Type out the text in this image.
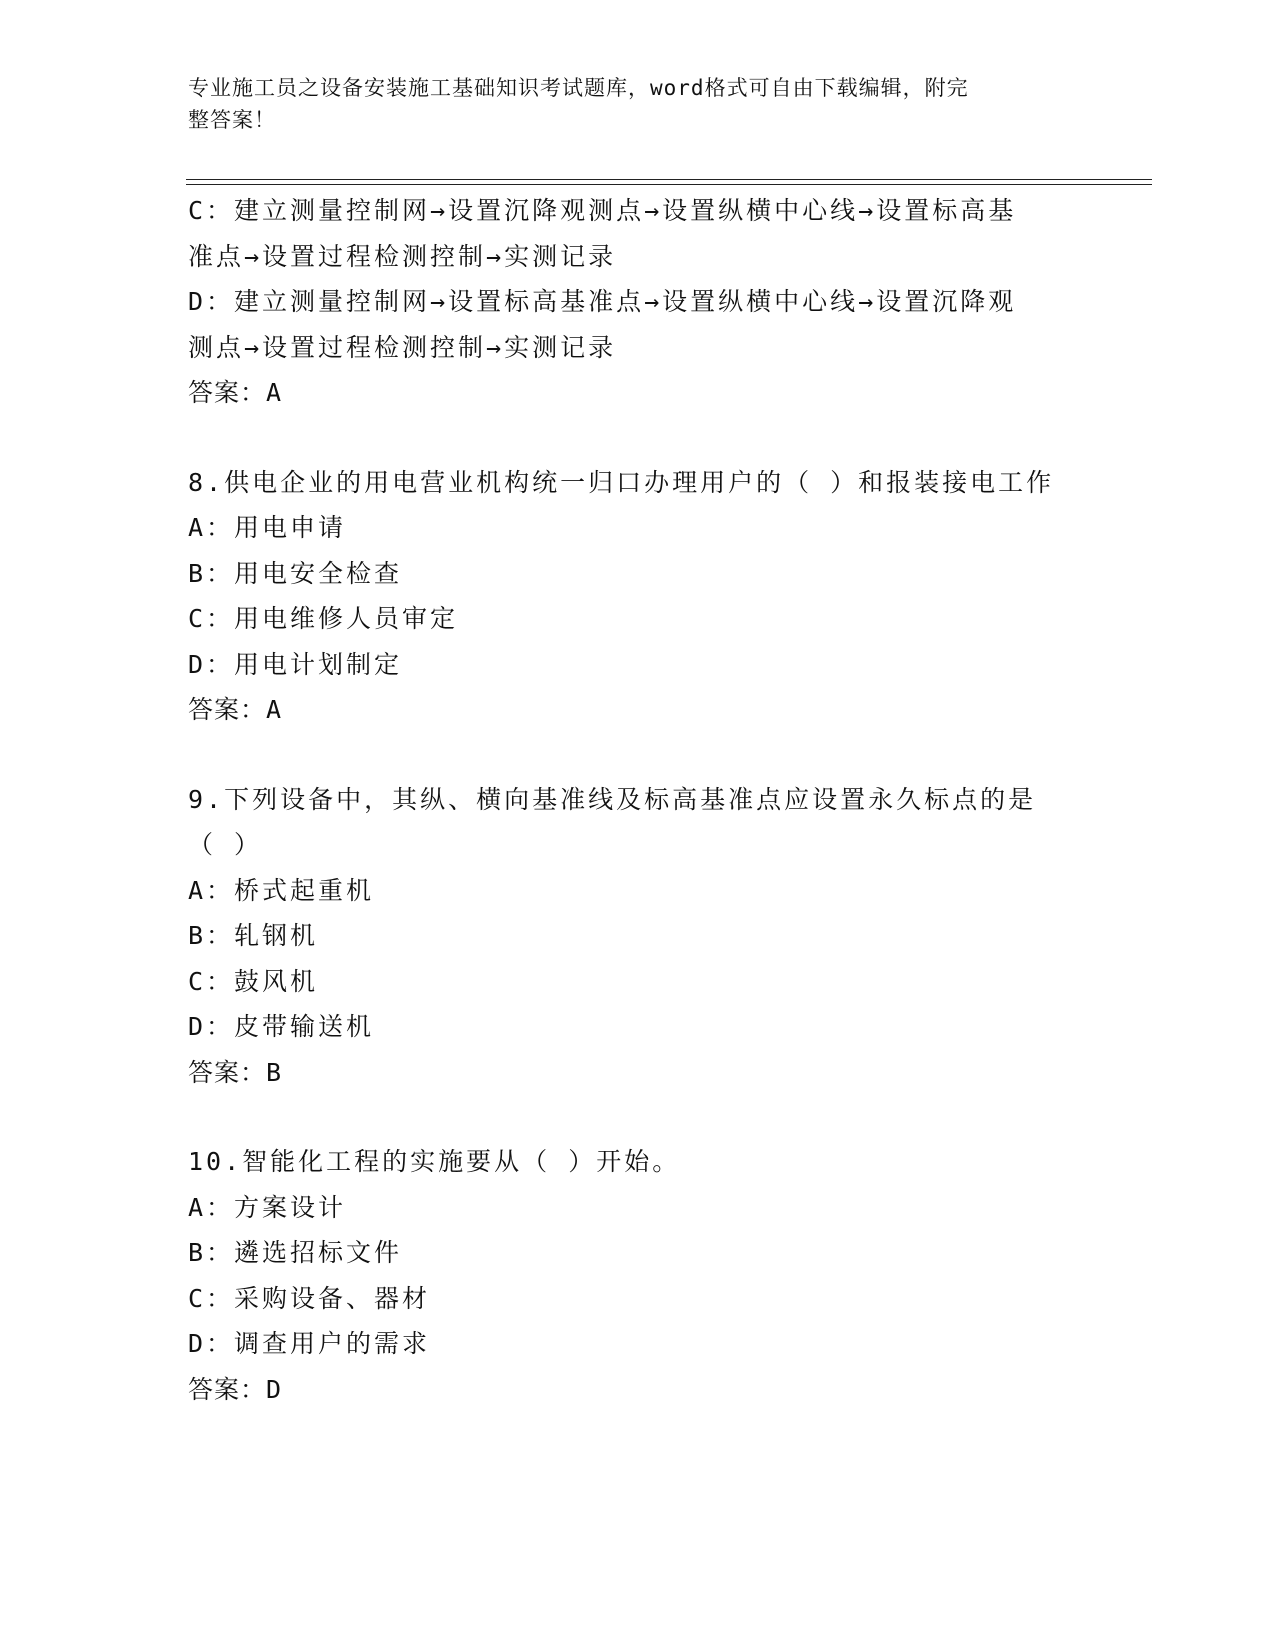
专业施工员之设备安装施工基础知识考试题库，word格式可自由下载编辑，附完
整答案！
C：建立测量控制网→设置沉降观测点→设置纵横中心线→设置标高基
准点→设置过程检测控制→实测记录
D：建立测量控制网→设置标高基准点→设置纵横中心线→设置沉降观
测点→设置过程检测控制→实测记录
答案：A
8.供电企业的用电营业机构统一归口办理用户的（ ）和报装接电工作
A：用电申请
B：用电安全检查
C：用电维修人员审定
D：用电计划制定
答案：A
9.下列设备中，其纵、横向基准线及标高基准点应设置永久标点的是
（ ）
A：桥式起重机
B：轧钢机
C：鼓风机
D：皮带输送机
答案：B
10.智能化工程的实施要从（ ）开始。
A：方案设计
B：遴选招标文件
C：采购设备、器材
D：调查用户的需求
答案：D
